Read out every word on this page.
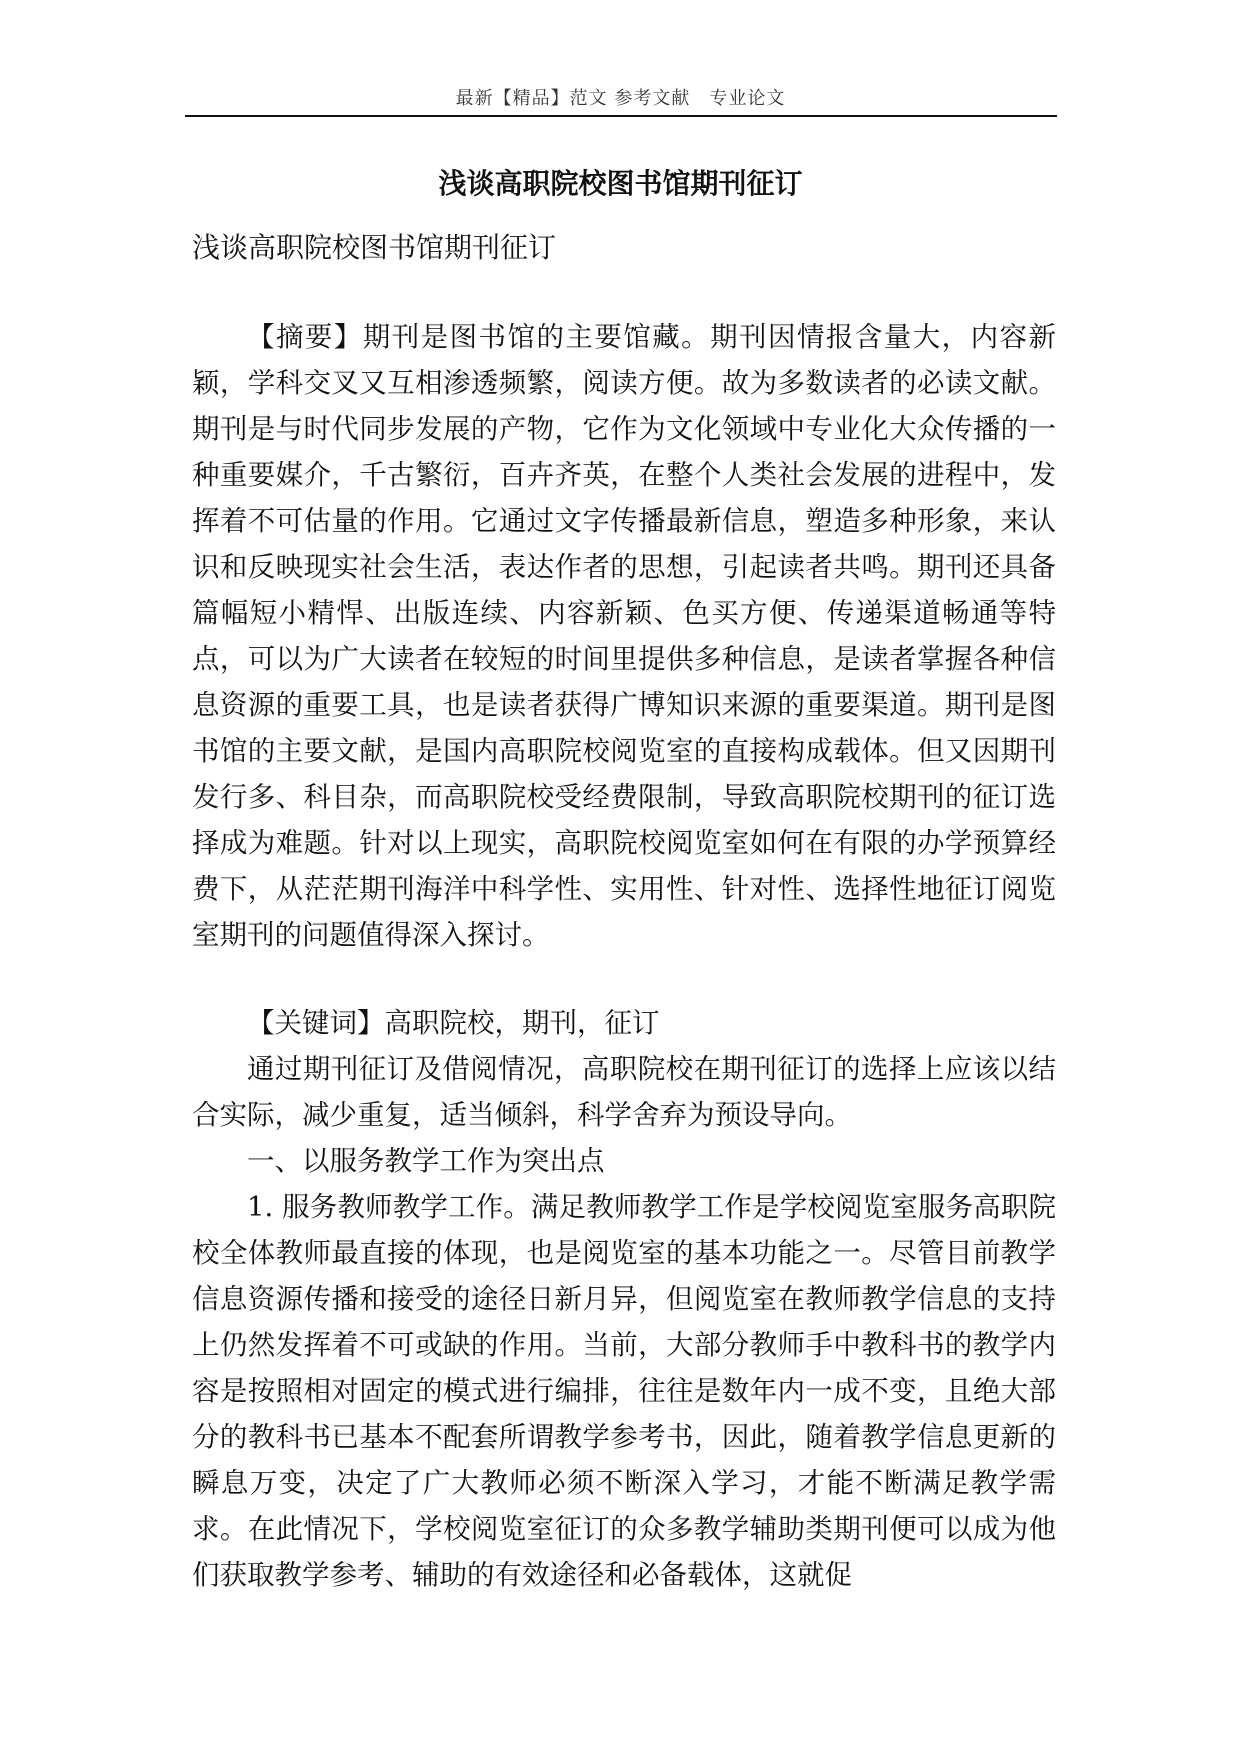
最新【精品】范文 参考文献　专业论文
浅谈高职院校图书馆期刊征订
浅谈高职院校图书馆期刊征订

【摘要】期刊是图书馆的主要馆藏。期刊因情报含量大，内容新颖，学科交叉又互相渗透频繁，阅读方便。故为多数读者的必读文献。期刊是与时代同步发展的产物，它作为文化领域中专业化大众传播的一种重要媒介，千古繁衍，百卉齐英，在整个人类社会发展的进程中，发挥着不可估量的作用。它通过文字传播最新信息，塑造多种形象，来认识和反映现实社会生活，表达作者的思想，引起读者共鸣。期刊还具备篇幅短小精悍、出版连续、内容新颖、色买方便、传递渠道畅通等特点，可以为广大读者在较短的时间里提供多种信息，是读者掌握各种信息资源的重要工具，也是读者获得广博知识来源的重要渠道。期刊是图书馆的主要文献，是国内高职院校阅览室的直接构成载体。但又因期刊发行多、科目杂，而高职院校受经费限制，导致高职院校期刊的征订选择成为难题。针对以上现实，高职院校阅览室如何在有限的办学预算经费下，从茫茫期刊海洋中科学性、实用性、针对性、选择性地征订阅览室期刊的问题值得深入探讨。

【关键词】高职院校，期刊，征订

通过期刊征订及借阅情况，高职院校在期刊征订的选择上应该以结合实际，减少重复，适当倾斜，科学舍弃为预设导向。

一、以服务教学工作为突出点

1. 服务教师教学工作。满足教师教学工作是学校阅览室服务高职院校全体教师最直接的体现，也是阅览室的基本功能之一。尽管目前教学信息资源传播和接受的途径日新月异，但阅览室在教师教学信息的支持上仍然发挥着不可或缺的作用。当前，大部分教师手中教科书的教学内容是按照相对固定的模式进行编排，往往是数年内一成不变，且绝大部分的教科书已基本不配套所谓教学参考书，因此，随着教学信息更新的瞬息万变，决定了广大教师必须不断深入学习，才能不断满足教学需求。在此情况下，学校阅览室征订的众多教学辅助类期刊便可以成为他们获取教学参考、辅助的有效途径和必备载体，这就促
